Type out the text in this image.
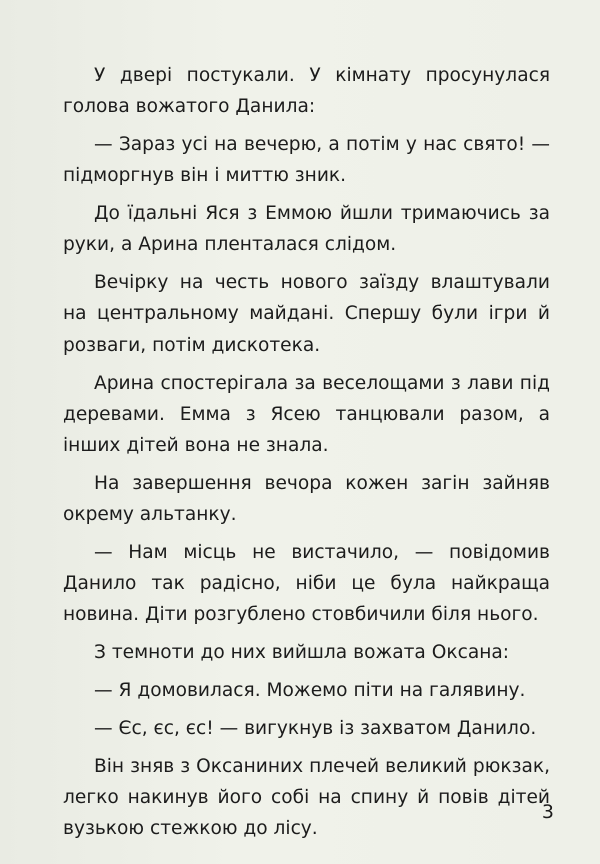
У двері постукали. У кімнату просунулася голова вожатого Данила:

— Зараз усі на вечерю, а потім у нас свято! — підморгнув він і миттю зник.

До їдальні Яся з Еммою йшли тримаючись за руки, а Арина пленталася слідом.

Вечірку на честь нового заїзду влаштували на центральному майдані. Спершу були ігри й розваги, потім дискотека.

Арина спостерігала за веселощами з лави під деревами. Емма з Ясею танцювали разом, а інших дітей вона не знала.

На завершення вечора кожен загін зайняв окрему альтанку.

— Нам місць не вистачило, — повідомив Данило так радісно, ніби це була найкраща новина. Діти розгублено стовбичили біля нього.

З темноти до них вийшла вожата Оксана:

— Я домовилася. Можемо піти на галявину.

— Єс, єс, єс! — вигукнув із захватом Данило.

Він зняв з Оксаниних плечей великий рюкзак, легко накинув його собі на спину й повів дітей вузькою стежкою до лісу.

3
